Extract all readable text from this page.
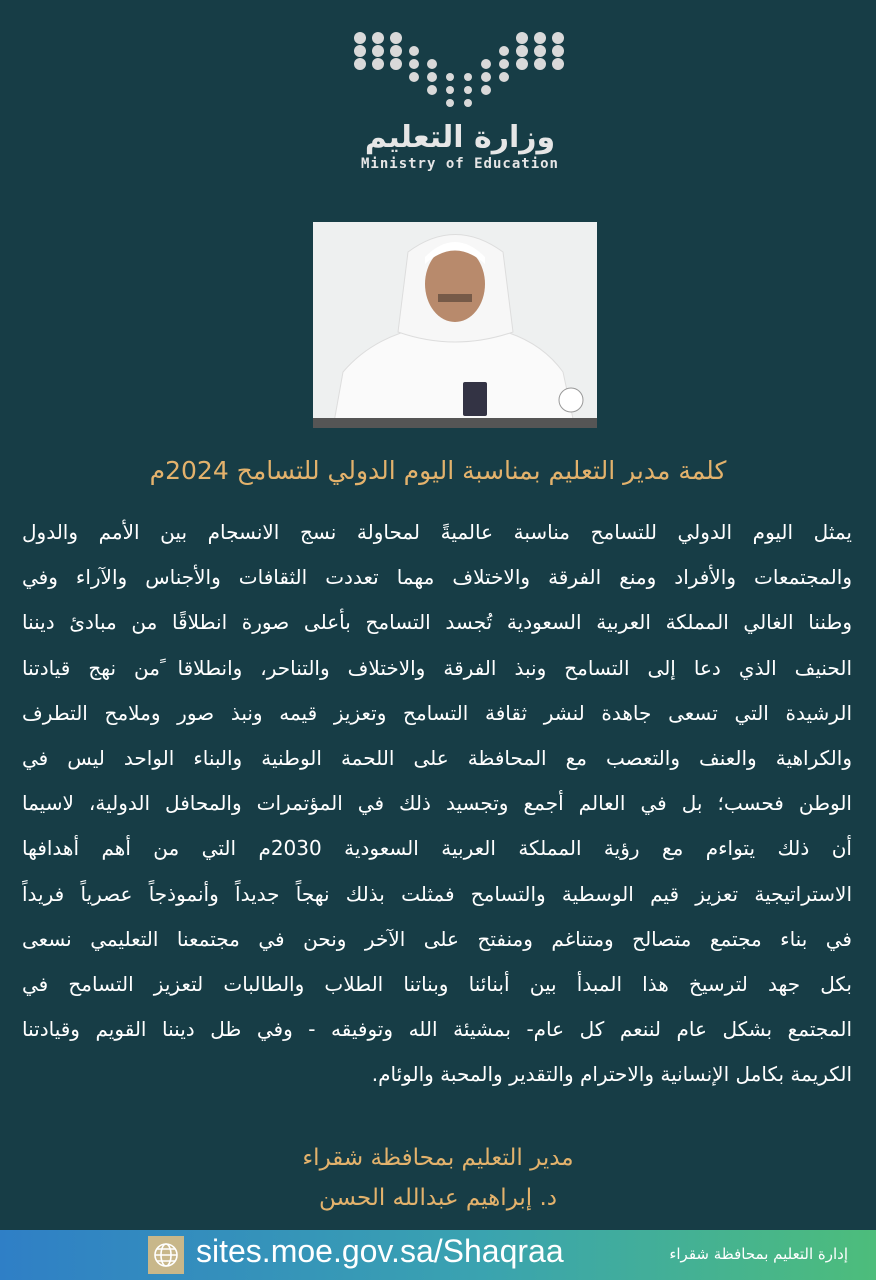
وزارة التعليم
Ministry of Education
كلمة مدير التعليم بمناسبة اليوم الدولي للتسامح 2024م
يمثل اليوم الدولي للتسامح مناسبة عالميةً لمحاولة نسج الانسجام بين الأمم والدول
والمجتمعات والأفراد ومنع الفرقة والاختلاف مهما تعددت الثقافات والأجناس والآراء وفي
وطننا الغالي المملكة العربية السعودية تُجسد التسامح بأعلى صورة انطلاقًا من مبادئ ديننا
الحنيف الذي دعا إلى التسامح ونبذ الفرقة والاختلاف والتناحر، وانطلاقا ًمن نهج قيادتنا
الرشيدة التي تسعى جاهدة لنشر ثقافة التسامح وتعزيز قيمه ونبذ صور وملامح التطرف
والكراهية والعنف والتعصب مع المحافظة على اللحمة الوطنية والبناء الواحد ليس في
الوطن فحسب؛ بل في العالم أجمع وتجسيد ذلك في المؤتمرات والمحافل الدولية، لاسيما
أن ذلك يتواءم مع رؤية المملكة العربية السعودية 2030م التي من أهم أهدافها
الاستراتيجية تعزيز قيم الوسطية والتسامح فمثلت بذلك نهجاً جديداً وأنموذجاً عصرياً فريداً
في بناء مجتمع متصالح ومتناغم ومنفتح على الآخر ونحن في مجتمعنا التعليمي نسعى
بكل جهد لترسيخ هذا المبدأ بين أبنائنا وبناتنا الطلاب والطالبات لتعزيز التسامح في
المجتمع بشكل عام لننعم كل عام- بمشيئة الله وتوفيقه - وفي ظل ديننا القويم وقيادتنا
الكريمة بكامل الإنسانية والاحترام والتقدير والمحبة والوئام.
مدير التعليم بمحافظة شقراء
د. إبراهيم عبدالله الحسن
sites.moe.gov.sa/Shaqraa	إدارة التعليم بمحافظة شقراء
